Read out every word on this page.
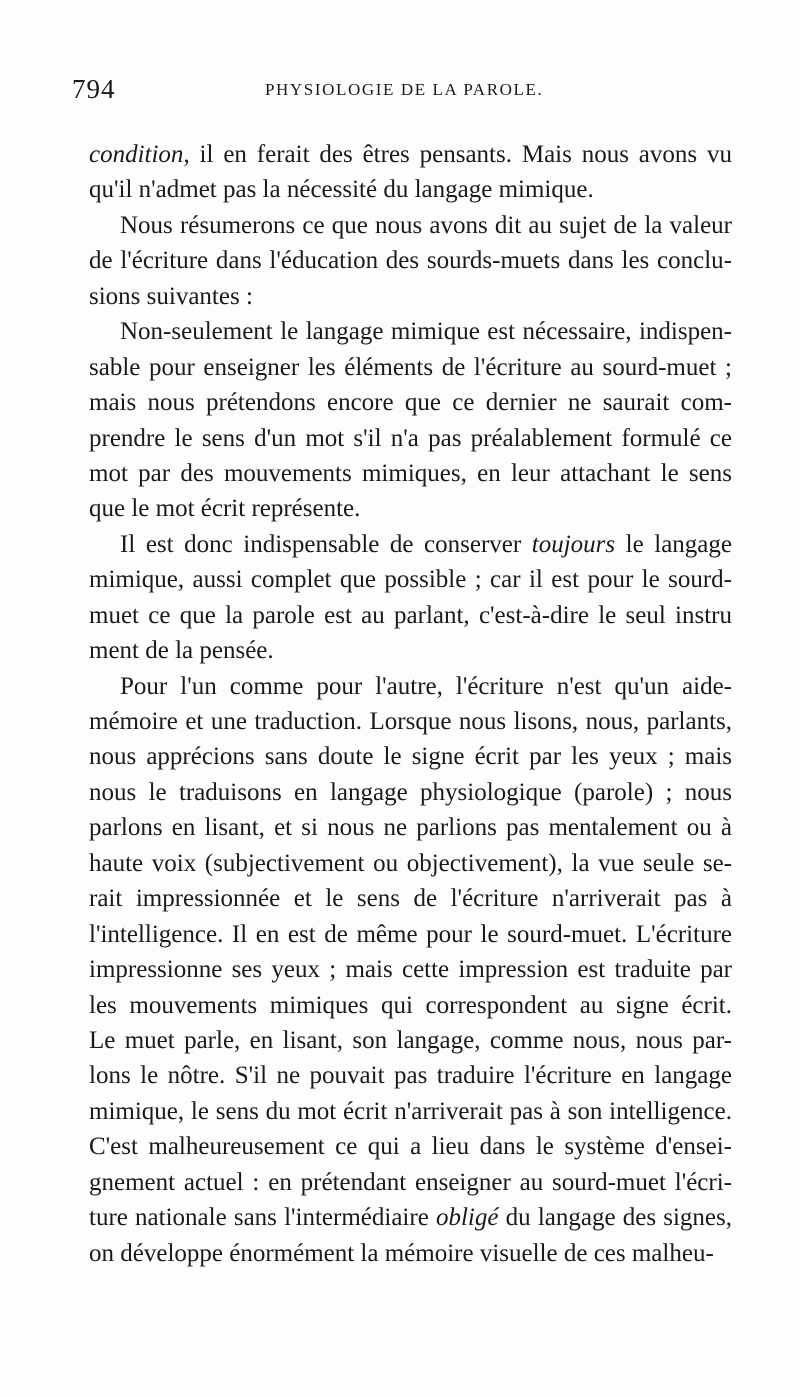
794	PHYSIOLOGIE DE LA PAROLE.
condition, il en ferait des êtres pensants. Mais nous avons vu
qu'il n'admet pas la nécessité du langage mimique.
Nous résumerons ce que nous avons dit au sujet de la valeur
de l'écriture dans l'éducation des sourds-muets dans les conclu-
sions suivantes :
Non-seulement le langage mimique est nécessaire, indispen-
sable pour enseigner les éléments de l'écriture au sourd-muet ;
mais nous prétendons encore que ce dernier ne saurait com-
prendre le sens d'un mot s'il n'a pas préalablement formulé ce
mot par des mouvements mimiques, en leur attachant le sens
que le mot écrit représente.
Il est donc indispensable de conserver toujours le langage
mimique, aussi complet que possible ; car il est pour le sourd-
muet ce que la parole est au parlant, c'est-à-dire le seul instru
ment de la pensée.
Pour l'un comme pour l'autre, l'écriture n'est qu'un aide-
mémoire et une traduction. Lorsque nous lisons, nous, parlants,
nous apprécions sans doute le signe écrit par les yeux ; mais
nous le traduisons en langage physiologique (parole) ; nous
parlons en lisant, et si nous ne parlions pas mentalement ou à
haute voix (subjectivement ou objectivement), la vue seule se-
rait impressionnée et le sens de l'écriture n'arriverait pas à
l'intelligence. Il en est de même pour le sourd-muet. L'écriture
impressionne ses yeux ; mais cette impression est traduite par
les mouvements mimiques qui correspondent au signe écrit.
Le muet parle, en lisant, son langage, comme nous, nous par-
lons le nôtre. S'il ne pouvait pas traduire l'écriture en langage
mimique, le sens du mot écrit n'arriverait pas à son intelligence.
C'est malheureusement ce qui a lieu dans le système d'ensei-
gnement actuel : en prétendant enseigner au sourd-muet l'écri-
ture nationale sans l'intermédiaire obligé du langage des signes,
on développe énormément la mémoire visuelle de ces malheu-
